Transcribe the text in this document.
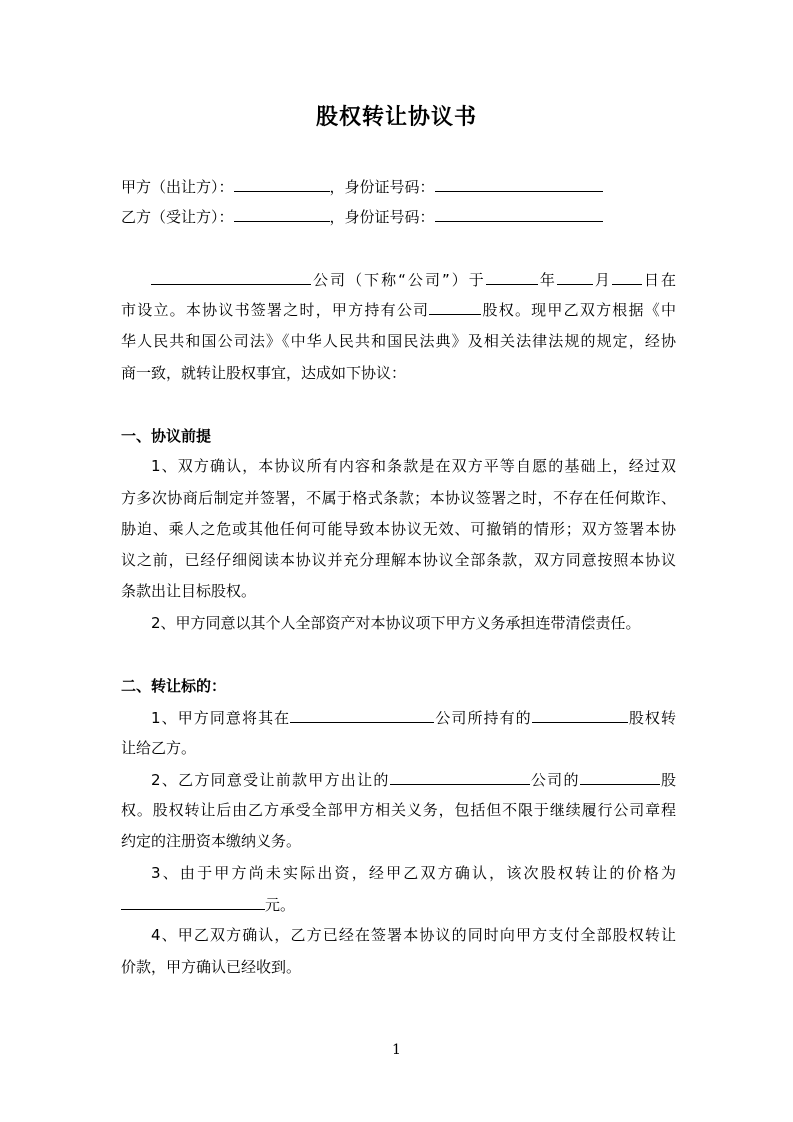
股权转让协议书
甲方（出让方）：	，身份证号码：
乙方（受让方）：	，身份证号码：
公司（下称“公司”）于	年 月 日在
市设立。本协议书签署之时，甲方持有公司	股权。现甲乙双方根据《中
华人民共和国公司法》《中华人民共和国民法典》及相关法律法规的规定，经协
商一致，就转让股权事宜，达成如下协议：
一、协议前提
1、双方确认，本协议所有内容和条款是在双方平等自愿的基础上，经过双
方多次协商后制定并签署，不属于格式条款；本协议签署之时，不存在任何欺诈、
胁迫、乘人之危或其他任何可能导致本协议无效、可撤销的情形；双方签署本协
议之前，已经仔细阅读本协议并充分理解本协议全部条款，双方同意按照本协议
条款出让目标股权。
2、甲方同意以其个人全部资产对本协议项下甲方义务承担连带清偿责任。
二、转让标的：
1、甲方同意将其在	公司所持有的	股权转
让给乙方。
2、乙方同意受让前款甲方出让的	公司的	股
权。股权转让后由乙方承受全部甲方相关义务，包括但不限于继续履行公司章程
约定的注册资本缴纳义务。
3、由于甲方尚未实际出资，经甲乙双方确认，该次股权转让的价格为
元。
4、甲乙双方确认，乙方已经在签署本协议的同时向甲方支付全部股权转让
价款，甲方确认已经收到。
1
